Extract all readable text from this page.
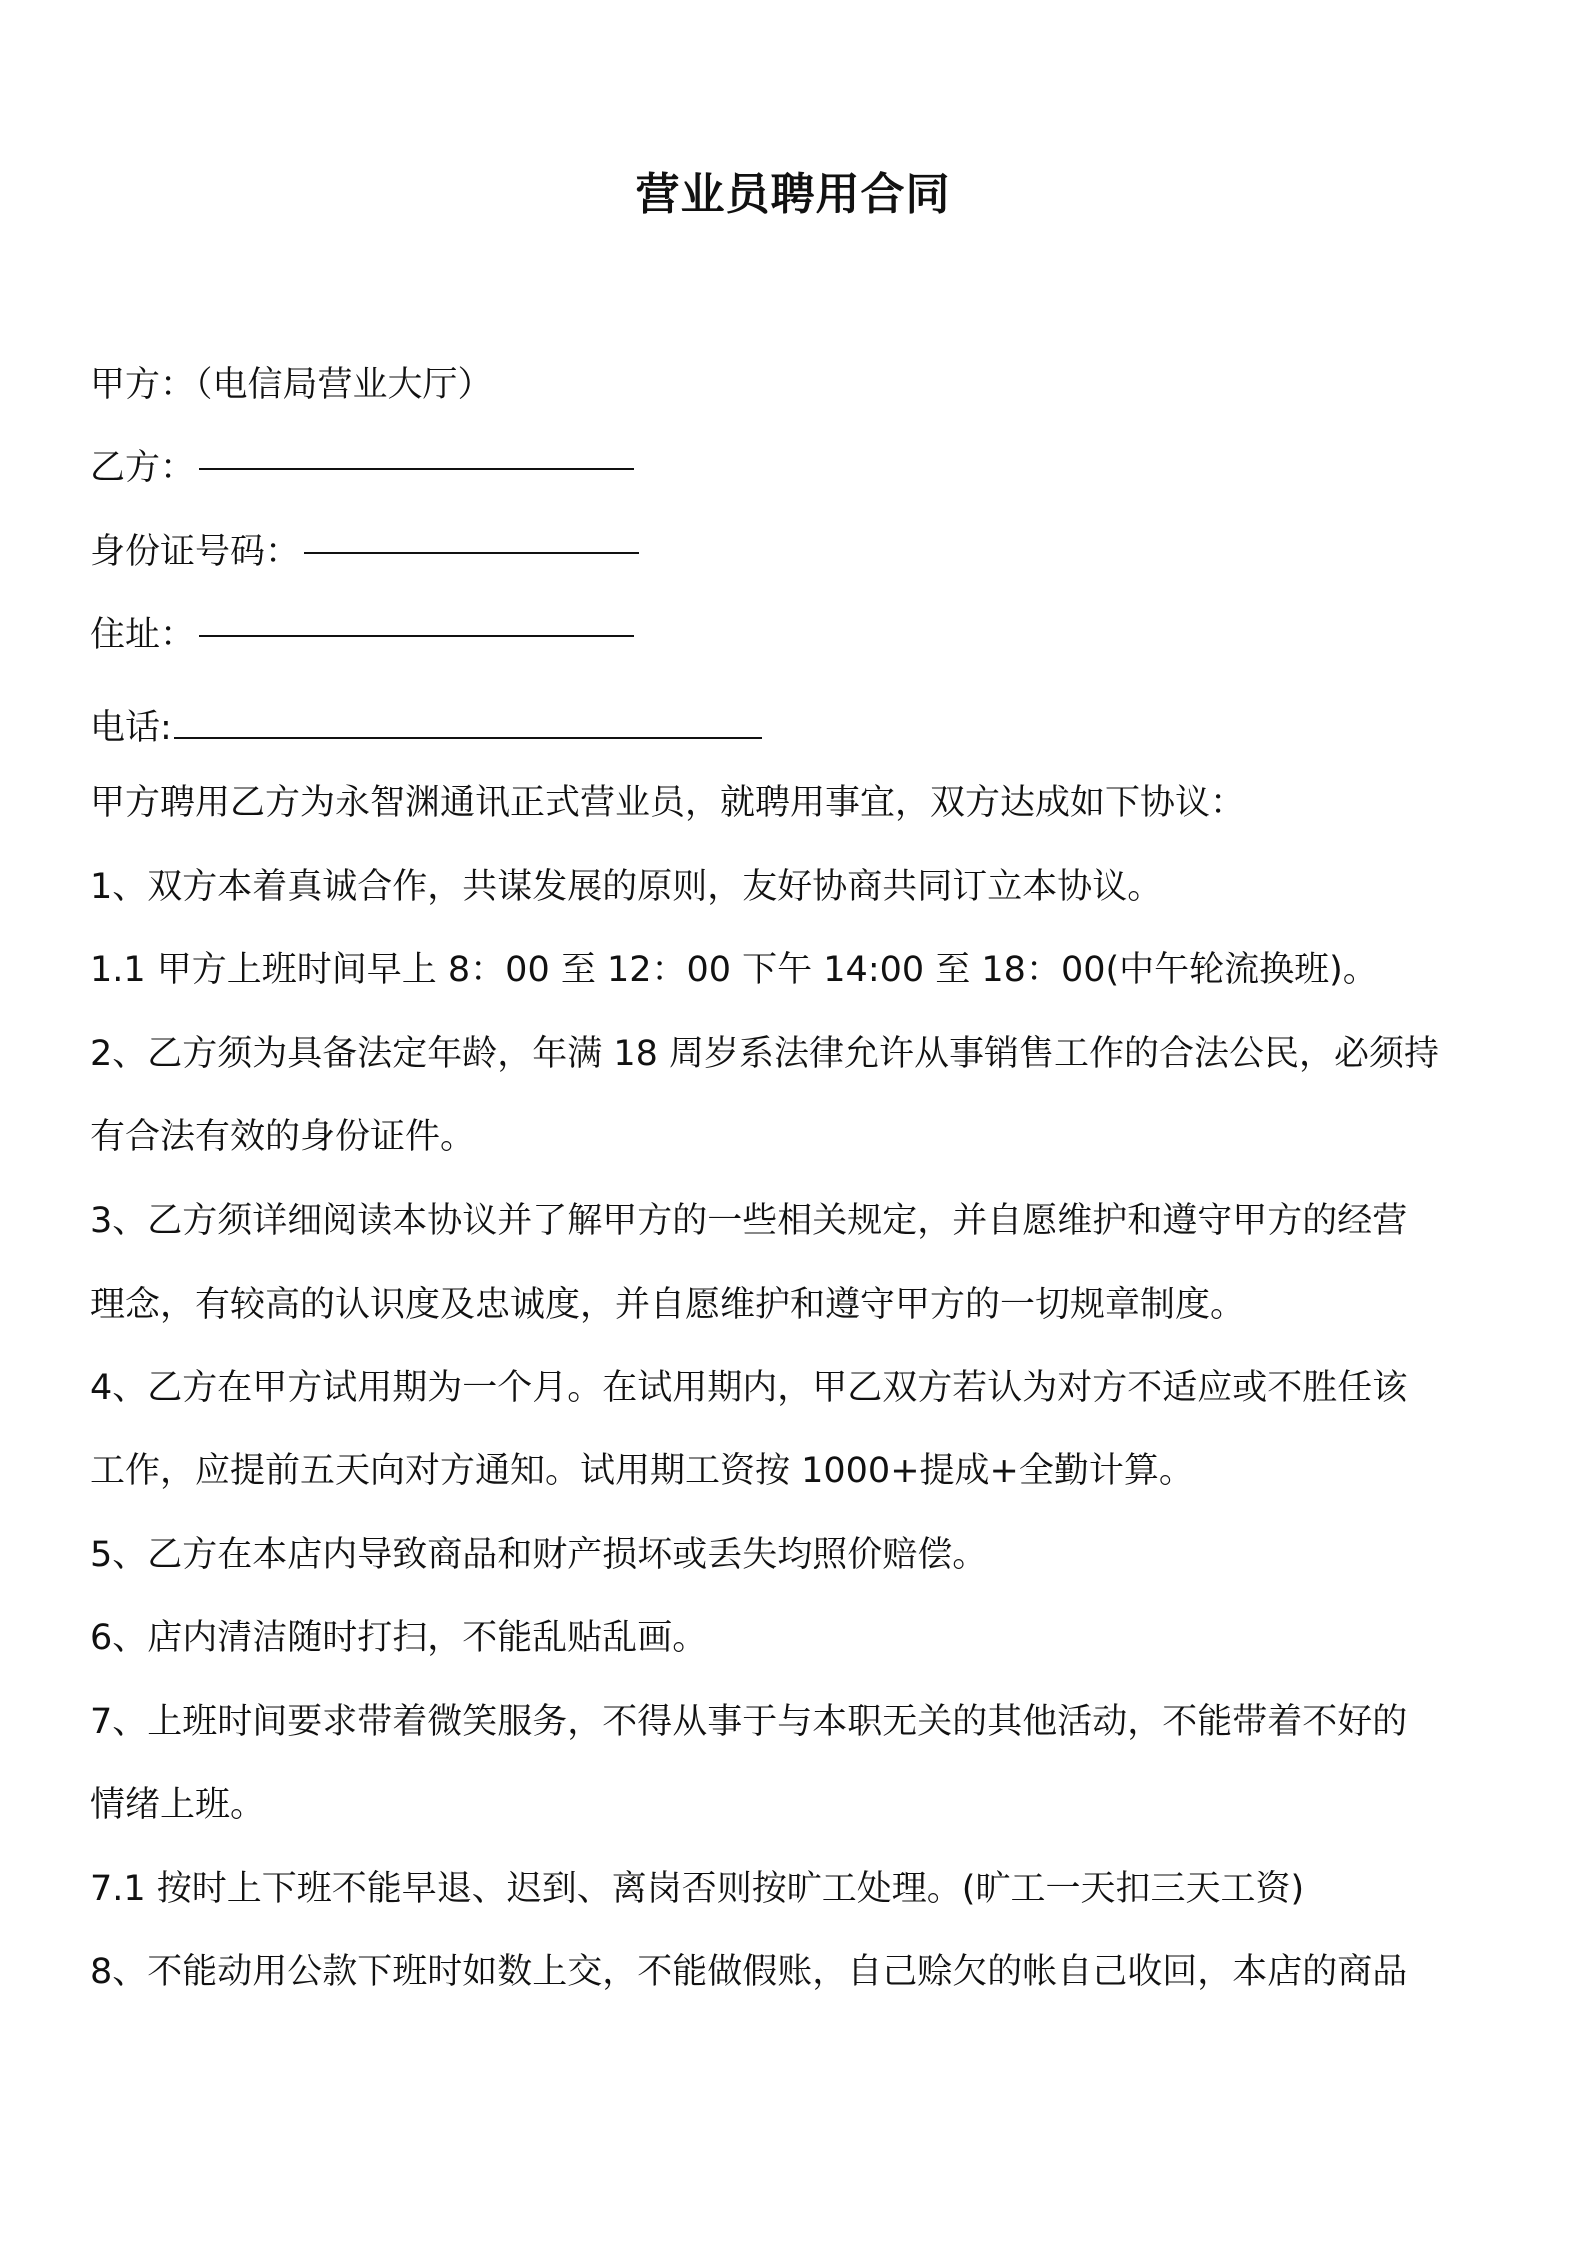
营业员聘用合同

甲方：（电信局营业大厅）

乙方：

身份证号码：

住址：

电话:

甲方聘用乙方为永智渊通讯正式营业员，就聘用事宜，双方达成如下协议：

1、双方本着真诚合作，共谋发展的原则，友好协商共同订立本协议。

1.1 甲方上班时间早上 8：00 至 12：00 下午 14:00 至 18：00(中午轮流换班)。

2、乙方须为具备法定年龄，年满 18 周岁系法律允许从事销售工作的合法公民，必须持

有合法有效的身份证件。

3、乙方须详细阅读本协议并了解甲方的一些相关规定，并自愿维护和遵守甲方的经营

理念，有较高的认识度及忠诚度，并自愿维护和遵守甲方的一切规章制度。

4、乙方在甲方试用期为一个月。在试用期内，甲乙双方若认为对方不适应或不胜任该

工作，应提前五天向对方通知。试用期工资按 1000+提成+全勤计算。

5、乙方在本店内导致商品和财产损坏或丢失均照价赔偿。

6、店内清洁随时打扫，不能乱贴乱画。

7、上班时间要求带着微笑服务，不得从事于与本职无关的其他活动，不能带着不好的

情绪上班。

7.1 按时上下班不能早退、迟到、离岗否则按旷工处理。(旷工一天扣三天工资)

8、不能动用公款下班时如数上交，不能做假账，自己赊欠的帐自己收回，本店的商品
